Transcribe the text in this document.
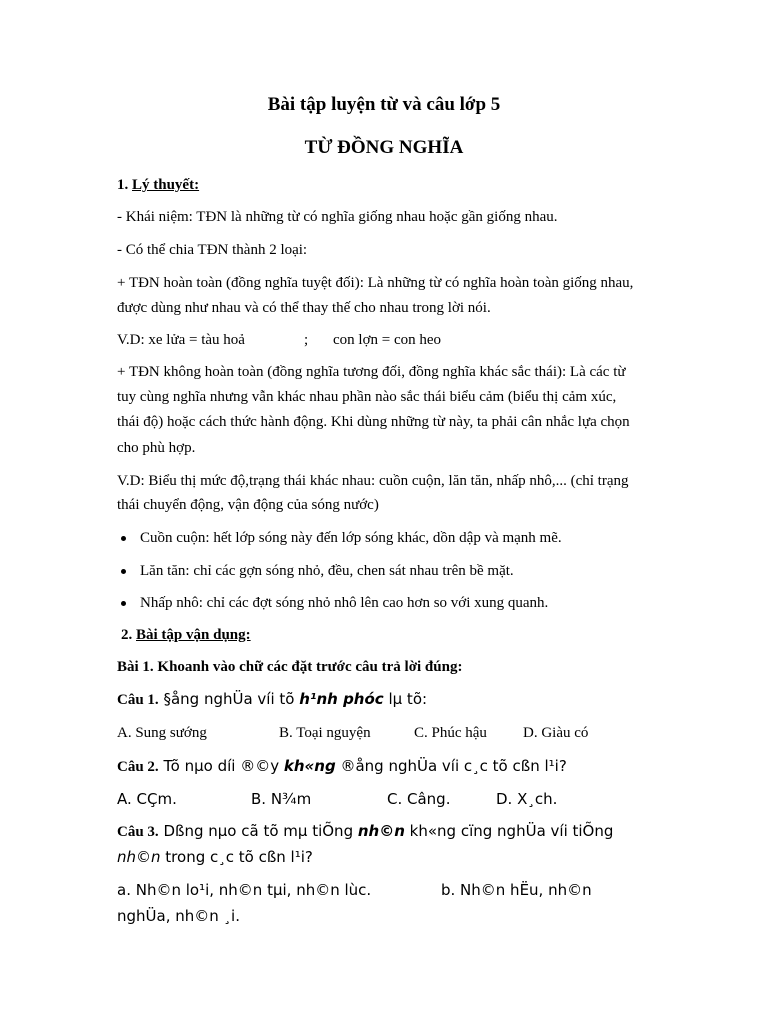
Bài tập luyện từ và câu lớp 5
TỪ ĐỒNG NGHĨA
1. Lý thuyết:
- Khái niệm: TĐN là những từ có nghĩa giống nhau hoặc gần giống nhau.
- Có thể chia TĐN thành 2 loại:
+ TĐN hoàn toàn (đồng nghĩa tuyệt đối): Là những từ có nghĩa hoàn toàn giống nhau,
được dùng như nhau và có thể thay thế cho nhau trong lời nói.
V.D: xe lửa = tàu hoả	; con lợn = con heo
+ TĐN không hoàn toàn (đồng nghĩa tương đối, đồng nghĩa khác sắc thái): Là các từ
tuy cùng nghĩa nhưng vẫn khác nhau phần nào sắc thái biểu cảm (biểu thị cảm xúc,
thái độ) hoặc cách thức hành động. Khi dùng những từ này, ta phải cân nhắc lựa chọn
cho phù hợp.
V.D: Biểu thị mức độ,trạng thái khác nhau: cuồn cuộn, lăn tăn, nhấp nhô,... (chỉ trạng
thái chuyển động, vận động của sóng nước)
Cuồn cuộn: hết lớp sóng này đến lớp sóng khác, dồn dập và mạnh mẽ.
Lăn tăn: chỉ các gợn sóng nhỏ, đều, chen sát nhau trên bề mặt.
Nhấp nhô: chỉ các đợt sóng nhỏ nhô lên cao hơn so với xung quanh.
2. Bài tập vận dụng:
Bài 1. Khoanh vào chữ các đặt trước câu trả lời đúng:
Câu 1. §ång nghÜa víi tõ h¹nh phóc lµ tõ:
A. Sung sướng	B. Toại nguyện	C. Phúc hậu D. Giàu có
Câu 2. Tõ nµo díi ®©y kh«ng ®ång nghÜa víi c¸c tõ cßn l¹i?
A. CÇm.	B. N¾m	C. Câng.	D. X¸ch.
Câu 3. Dßng nµo cã tõ mµ tiÕng nh©n kh«ng cïng nghÜa víi tiÕng
nh©n trong c¸c tõ cßn l¹i?
a. Nh©n lo¹i, nh©n tµi, nh©n lùc.	b. Nh©n hËu, nh©n
nghÜa, nh©n ¸i.
